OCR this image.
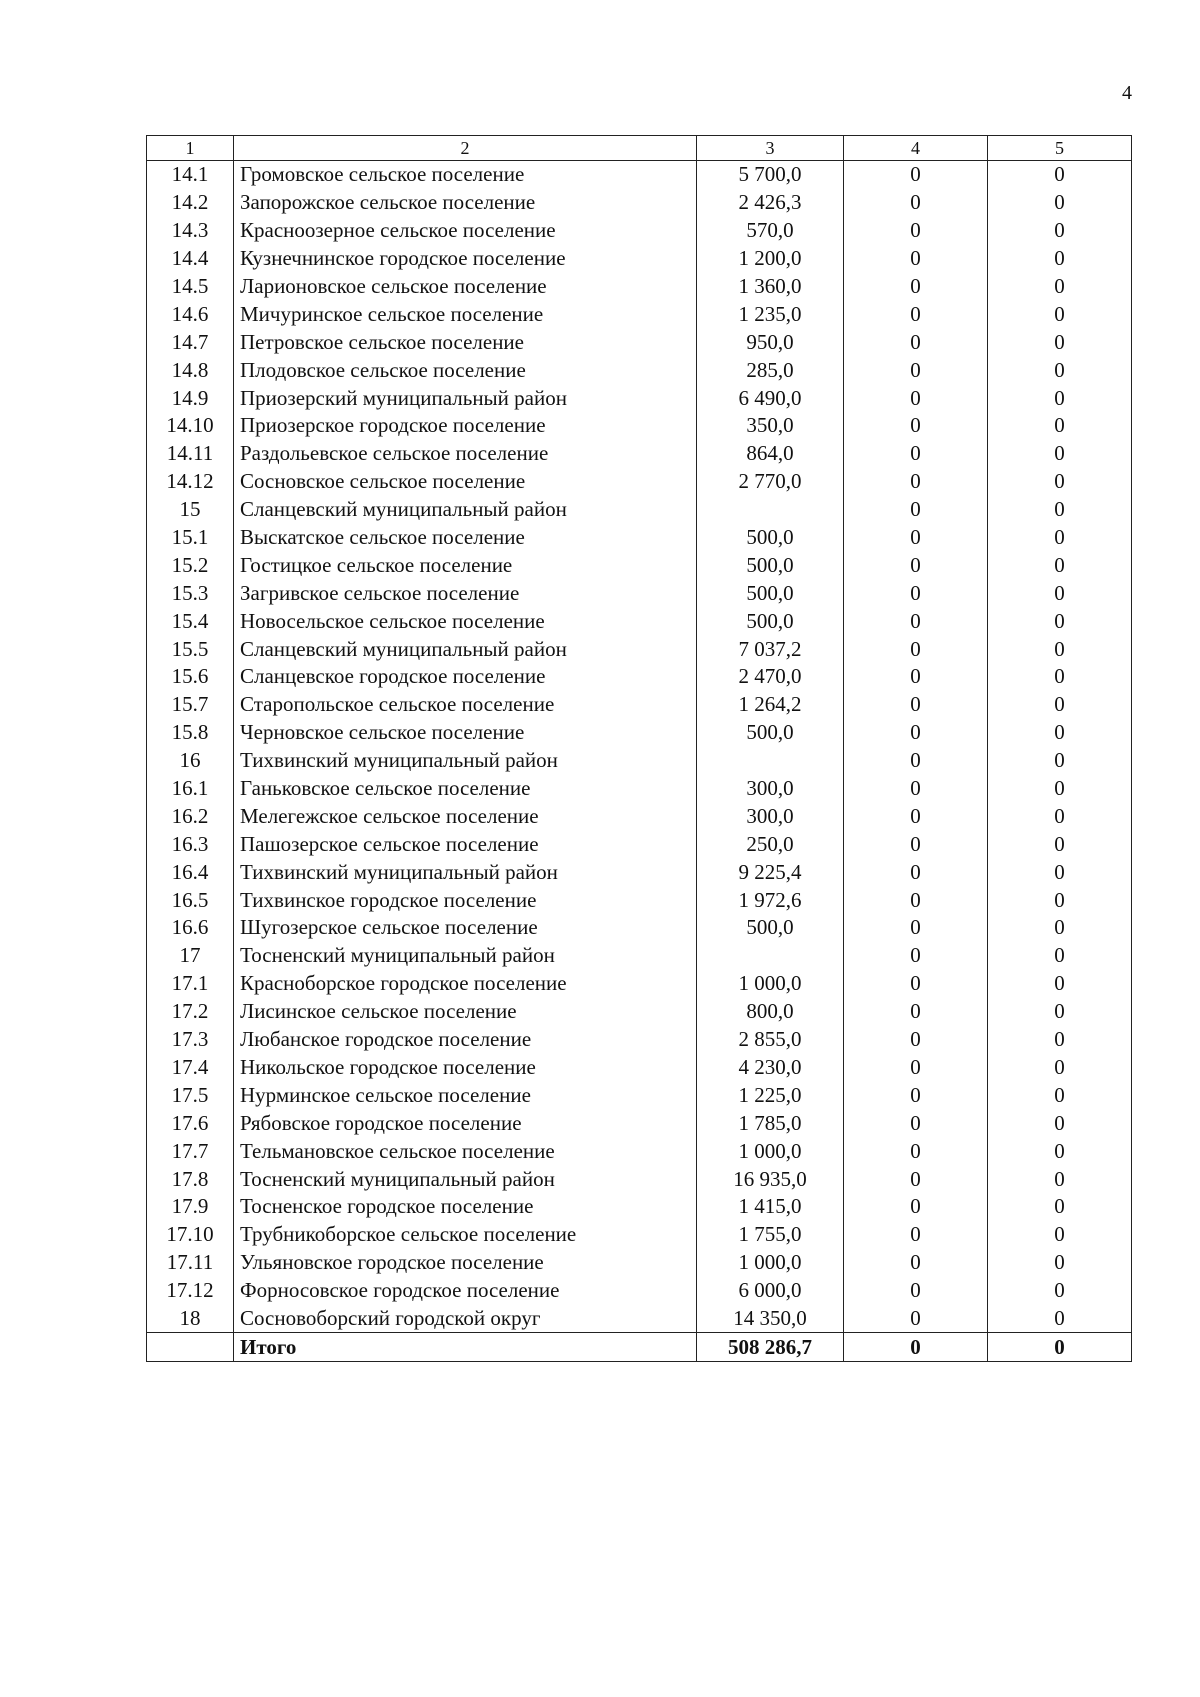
4
1	2	3	4	5
14.1	Громовское сельское поселение	5 700,0	0	0
14.2	Запорожское сельское поселение	2 426,3	0	0
14.3	Красноозерное сельское поселение	570,0	0	0
14.4	Кузнечнинское городское поселение	1 200,0	0	0
14.5	Ларионовское сельское поселение	1 360,0	0	0
14.6	Мичуринское сельское поселение	1 235,0	0	0
14.7	Петровское сельское поселение	950,0	0	0
14.8	Плодовское сельское поселение	285,0	0	0
14.9	Приозерский муниципальный район	6 490,0	0	0
14.10	Приозерское городское поселение	350,0	0	0
14.11	Раздольевское сельское поселение	864,0	0	0
14.12	Сосновское сельское поселение	2 770,0	0	0
15	Сланцевский муниципальный район		0	0
15.1	Выскатское сельское поселение	500,0	0	0
15.2	Гостицкое сельское поселение	500,0	0	0
15.3	Загривское сельское поселение	500,0	0	0
15.4	Новосельское сельское поселение	500,0	0	0
15.5	Сланцевский муниципальный район	7 037,2	0	0
15.6	Сланцевское городское поселение	2 470,0	0	0
15.7	Старопольское сельское поселение	1 264,2	0	0
15.8	Черновское сельское поселение	500,0	0	0
16	Тихвинский муниципальный район		0	0
16.1	Ганьковское сельское поселение	300,0	0	0
16.2	Мелегежское сельское поселение	300,0	0	0
16.3	Пашозерское сельское поселение	250,0	0	0
16.4	Тихвинский муниципальный район	9 225,4	0	0
16.5	Тихвинское городское поселение	1 972,6	0	0
16.6	Шугозерское сельское поселение	500,0	0	0
17	Тосненский муниципальный район		0	0
17.1	Красноборское городское поселение	1 000,0	0	0
17.2	Лисинское сельское поселение	800,0	0	0
17.3	Любанское городское поселение	2 855,0	0	0
17.4	Никольское городское поселение	4 230,0	0	0
17.5	Нурминское сельское поселение	1 225,0	0	0
17.6	Рябовское городское поселение	1 785,0	0	0
17.7	Тельмановское сельское поселение	1 000,0	0	0
17.8	Тосненский муниципальный район	16 935,0	0	0
17.9	Тосненское городское поселение	1 415,0	0	0
17.10	Трубникоборское сельское поселение	1 755,0	0	0
17.11	Ульяновское городское поселение	1 000,0	0	0
17.12	Форносовское городское поселение	6 000,0	0	0
18	Сосновоборский городской округ	14 350,0	0	0
	Итого	508 286,7	0	0
